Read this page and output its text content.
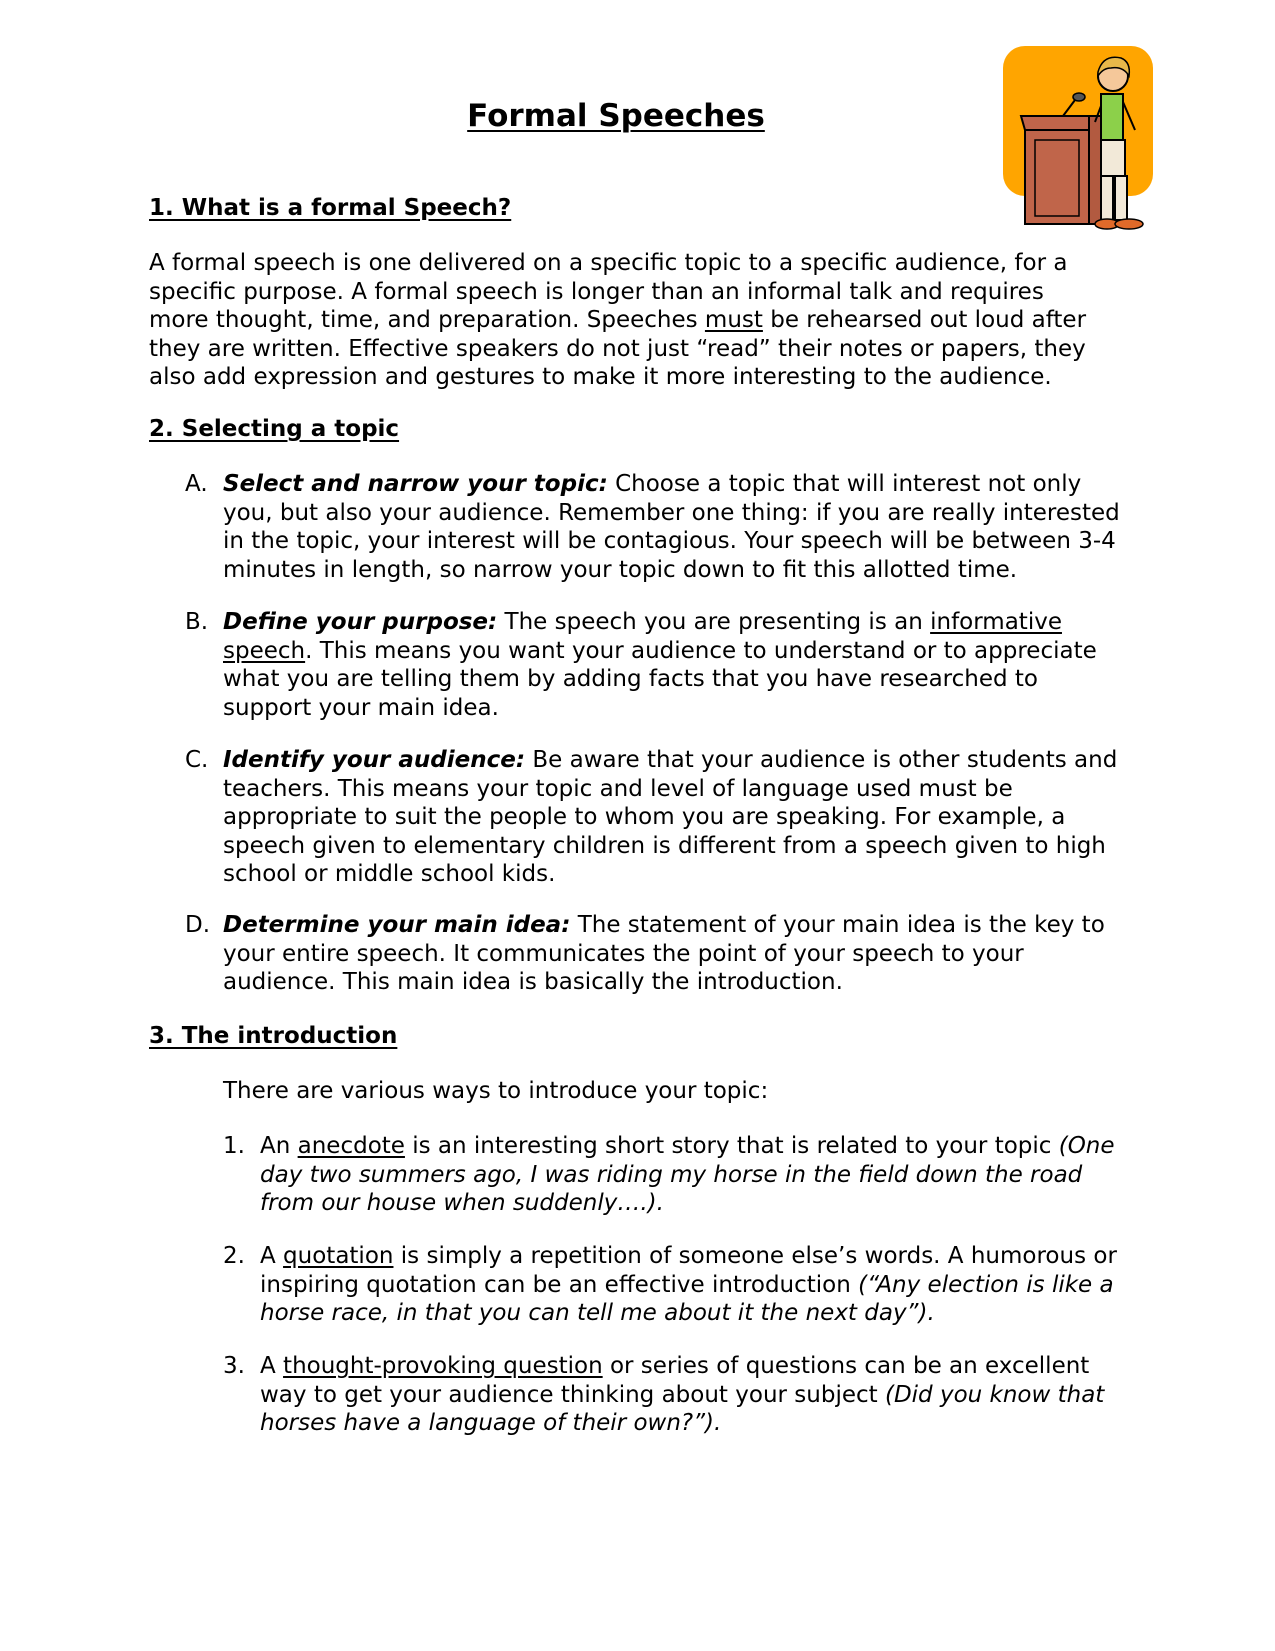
Formal Speeches
1. What is a formal Speech?

A formal speech is one delivered on a specific topic to a specific audience, for a specific purpose. A formal speech is longer than an informal talk and requires more thought, time, and preparation. Speeches must be rehearsed out loud after they are written. Effective speakers do not just “read” their notes or papers, they also add expression and gestures to make it more interesting to the audience.

2. Selecting a topic
A. Select and narrow your topic: Choose a topic that will interest not only you, but also your audience. Remember one thing: if you are really interested in the topic, your interest will be contagious. Your speech will be between 3-4 minutes in length, so narrow your topic down to fit this allotted time.

B. Define your purpose: The speech you are presenting is an informative speech. This means you want your audience to understand or to appreciate what you are telling them by adding facts that you have researched to support your main idea.

C. Identify your audience: Be aware that your audience is other students and teachers. This means your topic and level of language used must be appropriate to suit the people to whom you are speaking. For example, a speech given to elementary children is different from a speech given to high school or middle school kids.

D. Determine your main idea: The statement of your main idea is the key to your entire speech. It communicates the point of your speech to your audience. This main idea is basically the introduction.

3. The introduction

There are various ways to introduce your topic:

1. An anecdote is an interesting short story that is related to your topic (One day two summers ago, I was riding my horse in the field down the road from our house when suddenly….).

2. A quotation is simply a repetition of someone else’s words. A humorous or inspiring quotation can be an effective introduction (“Any election is like a horse race, in that you can tell me about it the next day”).

3. A thought-provoking question or series of questions can be an excellent way to get your audience thinking about your subject (Did you know that horses have a language of their own?”).
